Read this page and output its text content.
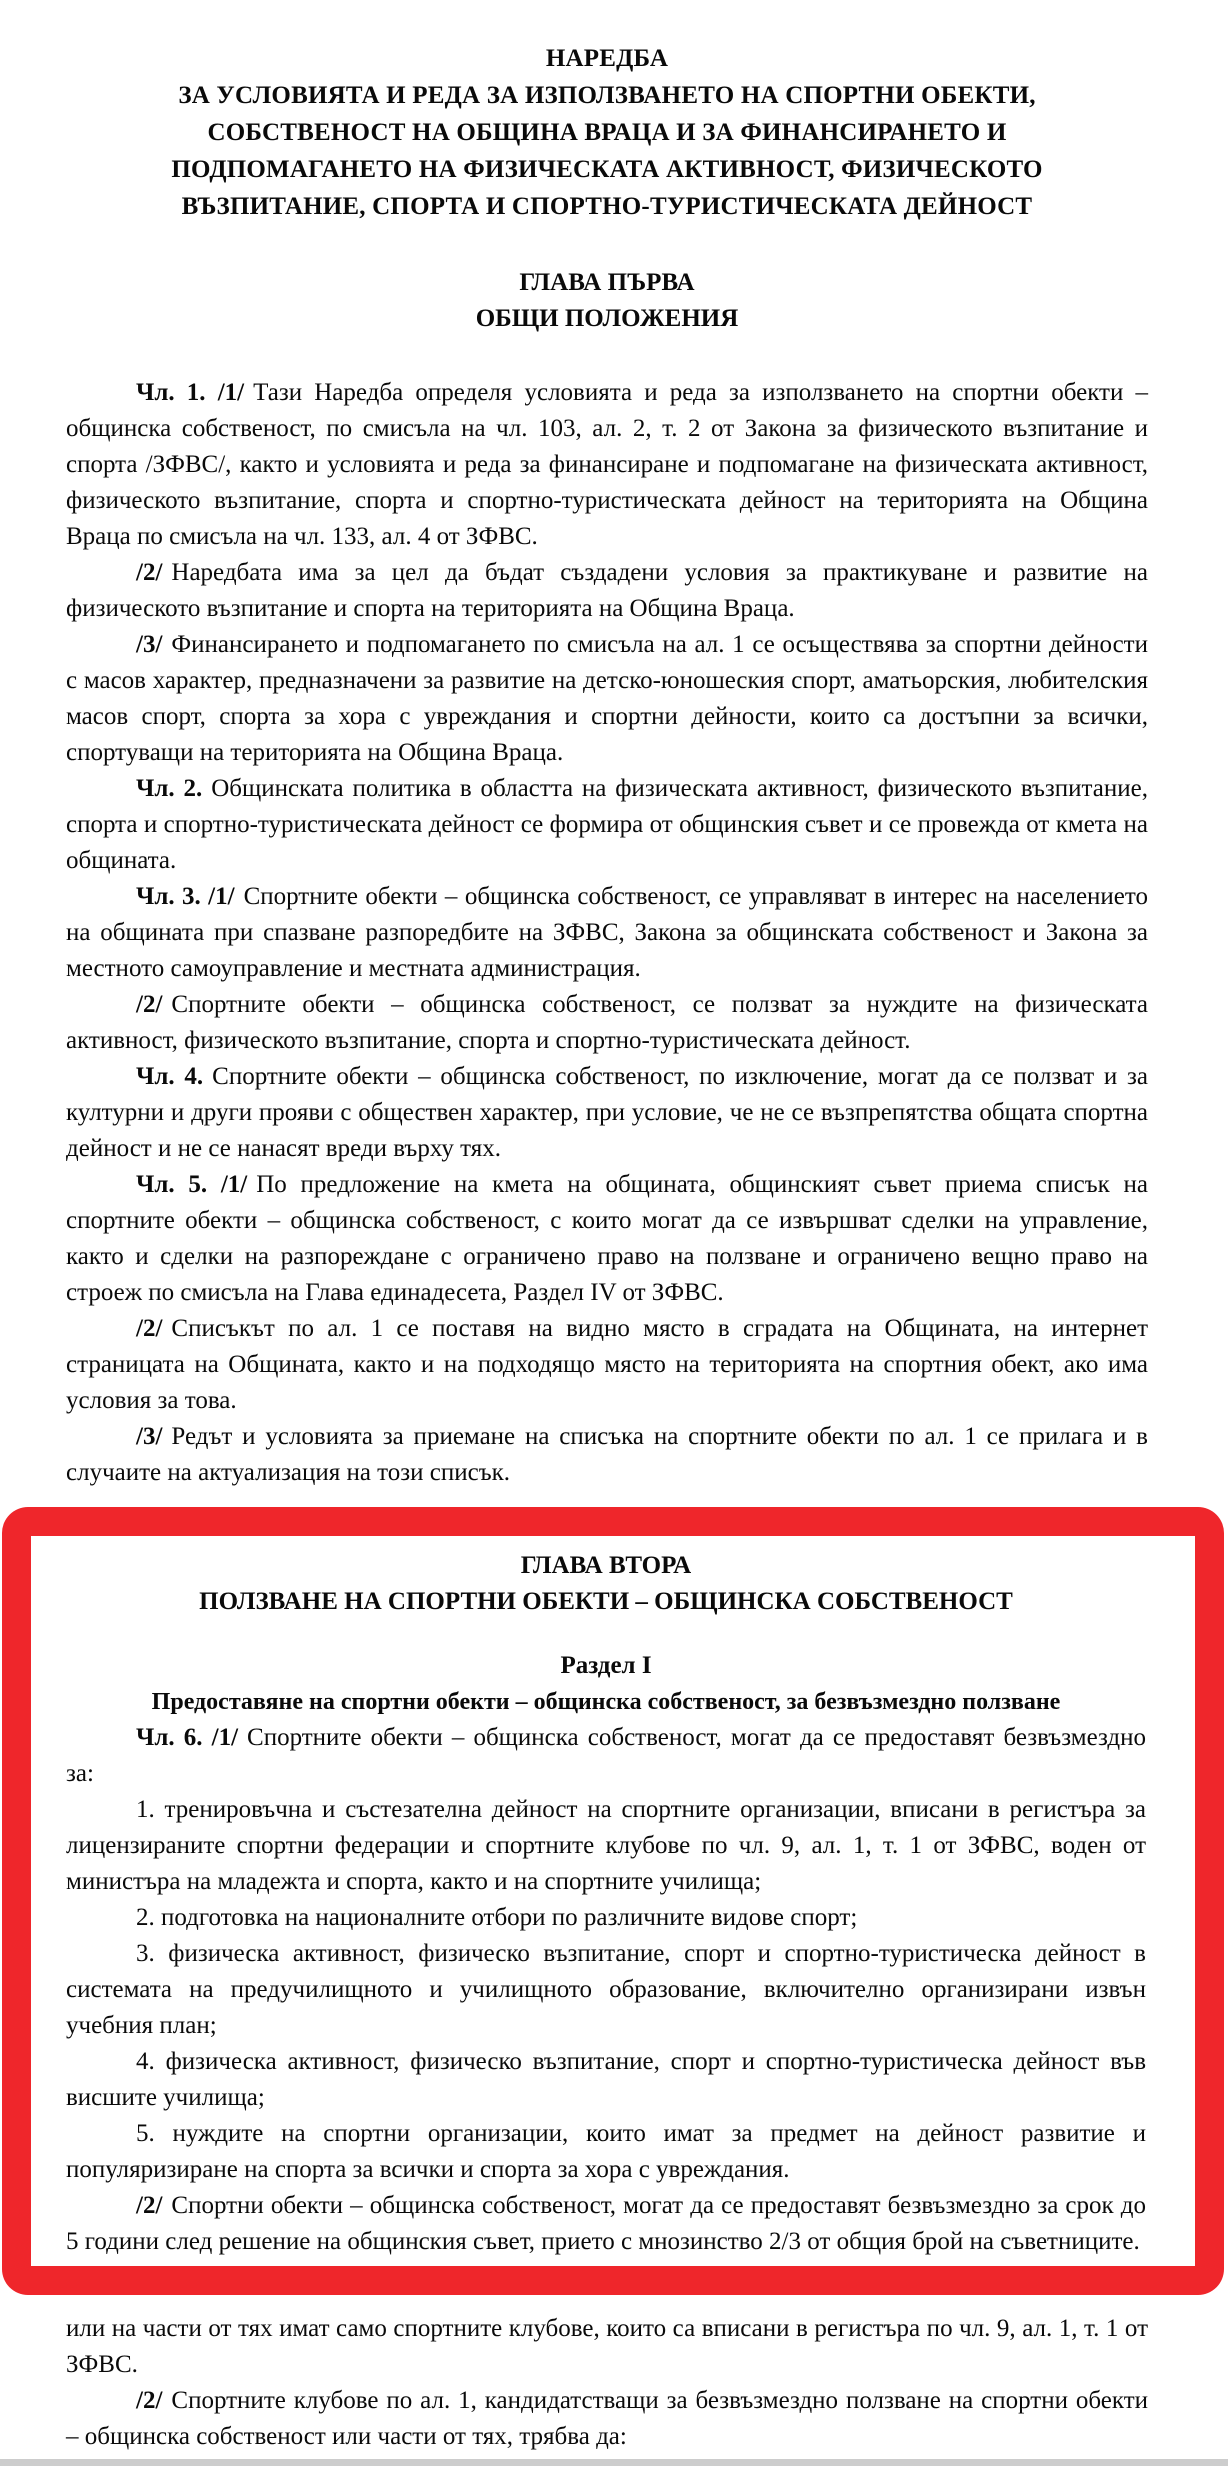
НАРЕДБА
ЗА УСЛОВИЯТА И РЕДА ЗА ИЗПОЛЗВАНЕТО НА СПОРТНИ ОБЕКТИ,
СОБСТВЕНОСТ НА ОБЩИНА ВРАЦА И ЗА ФИНАНСИРАНЕТО И
ПОДПОМАГАНЕТО НА ФИЗИЧЕСКАТА АКТИВНОСТ, ФИЗИЧЕСКОТО
ВЪЗПИТАНИЕ, СПОРТА И СПОРТНО-ТУРИСТИЧЕСКАТА ДЕЙНОСТ
ГЛАВА ПЪРВА
ОБЩИ ПОЛОЖЕНИЯ

Чл. 1. /1/ Тази Наредба определя условията и реда за използването на спортни обекти – общинска собственост, по смисъла на чл. 103, ал. 2, т. 2 от Закона за физическото възпитание и спорта /ЗФВС/, както и условията и реда за финансиране и подпомагане на физическата активност, физическото възпитание, спорта и спортно-туристическата дейност на територията на Община Враца по смисъла на чл. 133, ал. 4 от ЗФВС.

/2/ Наредбата има за цел да бъдат създадени условия за практикуване и развитие на физическото възпитание и спорта на територията на Община Враца.

/3/ Финансирането и подпомагането по смисъла на ал. 1 се осъществява за спортни дейности с масов характер, предназначени за развитие на детско-юношеския спорт, аматьорския, любителския масов спорт, спорта за хора с увреждания и спортни дейности, които са достъпни за всички, спортуващи на територията на Община Враца.

Чл. 2. Общинската политика в областта на физическата активност, физическото възпитание, спорта и спортно-туристическата дейност се формира от общинския съвет и се провежда от кмета на общината.

Чл. 3. /1/ Спортните обекти – общинска собственост, се управляват в интерес на населението на общината при спазване разпоредбите на ЗФВС, Закона за общинската собственост и Закона за местното самоуправление и местната администрация.

/2/ Спортните обекти – общинска собственост, се ползват за нуждите на физическата активност, физическото възпитание, спорта и спортно-туристическата дейност.

Чл. 4. Спортните обекти – общинска собственост, по изключение, могат да се ползват и за културни и други прояви с обществен характер, при условие, че не се възпрепятства общата спортна дейност и не се нанасят вреди върху тях.

Чл. 5. /1/ По предложение на кмета на общината, общинският съвет приема списък на спортните обекти – общинска собственост, с които могат да се извършват сделки на управление, както и сделки на разпореждане с ограничено право на ползване и ограничено вещно право на строеж по смисъла на Глава единадесета, Раздел IV от ЗФВС.

/2/ Списъкът по ал. 1 се поставя на видно място в сградата на Общината, на интернет страницата на Общината, както и на подходящо място на територията на спортния обект, ако има условия за това.

/3/ Редът и условията за приемане на списъка на спортните обекти по ал. 1 се прилага и в случаите на актуализация на този списък.

ГЛАВА ВТОРА
ПОЛЗВАНЕ НА СПОРТНИ ОБЕКТИ – ОБЩИНСКА СОБСТВЕНОСТ
Раздел I
Предоставяне на спортни обекти – общинска собственост, за безвъзмездно ползване

Чл. 6. /1/ Спортните обекти – общинска собственост, могат да се предоставят безвъзмездно за:

1. тренировъчна и състезателна дейност на спортните организации, вписани в регистъра за лицензираните спортни федерации и спортните клубове по чл. 9, ал. 1, т. 1 от ЗФВС, воден от министъра на младежта и спорта, както и на спортните училища;

2. подготовка на националните отбори по различните видове спорт;

3. физическа активност, физическо възпитание, спорт и спортно-туристическа дейност в системата на предучилищното и училищното образование, включително организирани извън учебния план;

4. физическа активност, физическо възпитание, спорт и спортно-туристическа дейност във висшите училища;

5. нуждите на спортни организации, които имат за предмет на дейност развитие и популяризиране на спорта за всички и спорта за хора с увреждания.

/2/ Спортни обекти – общинска собственост, могат да се предоставят безвъзмездно за срок до 5 години след решение на общинския съвет, прието с мнозинство 2/3 от общия брой на съветниците.

или на части от тях имат само спортните клубове, които са вписани в регистъра по чл. 9, ал. 1, т. 1 от ЗФВС.

/2/ Спортните клубове по ал. 1, кандидатстващи за безвъзмездно ползване на спортни обекти – общинска собственост или части от тях, трябва да:
